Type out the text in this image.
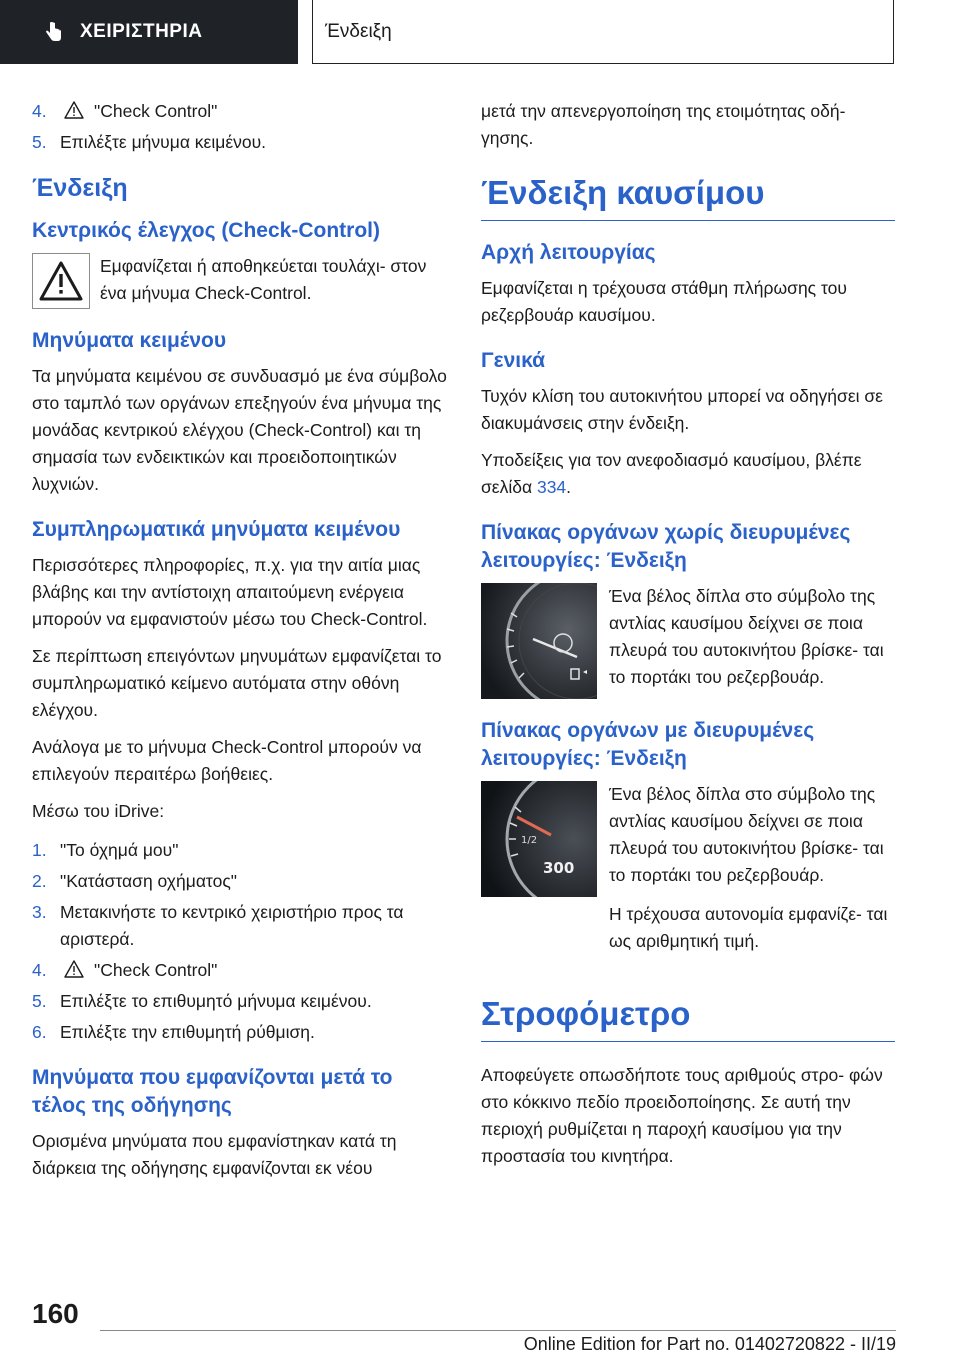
ΧΕΙΡΙΣΤΗΡΙΑ	Ένδειξη
4.	"Check Control"
5. Επιλέξτε μήνυμα κειμένου.
Ένδειξη
Κεντρικός έλεγχος (Check-Control)
Εμφανίζεται ή αποθηκεύεται τουλάχι- στον ένα μήνυμα Check-Control.
Μηνύματα κειμένου

Τα μηνύματα κειμένου σε συνδυασμό με ένα σύμβολο στο ταμπλό των οργάνων επεξηγούν ένα μήνυμα της μονάδας κεντρικού ελέγχου (Check-Control) και τη σημασία των ενδεικτικών και προειδοποιητικών λυχνιών.

Συμπληρωματικά μηνύματα κειμένου

Περισσότερες πληροφορίες, π.χ. για την αιτία μιας βλάβης και την αντίστοιχη απαιτούμενη ενέργεια μπορούν να εμφανιστούν μέσω του Check-Control.

Σε περίπτωση επειγόντων μηνυμάτων εμφανίζεται το συμπληρωματικό κείμενο αυτόματα στην οθόνη ελέγχου.

Ανάλογα με το μήνυμα Check-Control μπορούν να επιλεγούν περαιτέρω βοήθειες.

Μέσω του iDrive:

1. "Το όχημά μου"
2. "Κατάσταση οχήματος"
3. Μετακινήστε το κεντρικό χειριστήριο προς τα αριστερά.
4.	"Check Control"
5. Επιλέξτε το επιθυμητό μήνυμα κειμένου.
6. Επιλέξτε την επιθυμητή ρύθμιση.
Μηνύματα που εμφανίζονται μετά το τέλος της οδήγησης

Ορισμένα μηνύματα που εμφανίστηκαν κατά τη διάρκεια της οδήγησης εμφανίζονται εκ νέου

μετά την απενεργοποίηση της ετοιμότητας οδή- γησης.

Ένδειξη καυσίμου
Αρχή λειτουργίας

Εμφανίζεται η τρέχουσα στάθμη πλήρωσης του ρεζερβουάρ καυσίμου.

Γενικά

Τυχόν κλίση του αυτοκινήτου μπορεί να οδηγήσει σε διακυμάνσεις στην ένδειξη.

Υποδείξεις για τον ανεφοδιασμό καυσίμου, βλέπε σελίδα 334.

Πίνακας οργάνων χωρίς διευρυμένες λειτουργίες: Ένδειξη
Ένα βέλος δίπλα στο σύμβολο της αντλίας καυσίμου δείχνει σε ποια πλευρά του αυτοκινήτου βρίσκε- ται το πορτάκι του ρεζερβουάρ.
Πίνακας οργάνων με διευρυμένες λειτουργίες: Ένδειξη
1/2
300
Ένα βέλος δίπλα στο σύμβολο της αντλίας καυσίμου δείχνει σε ποια πλευρά του αυτοκινήτου βρίσκε- ται το πορτάκι του ρεζερβουάρ.

Η τρέχουσα αυτονομία εμφανίζε- ται ως αριθμητική τιμή.

Στροφόμετρο

Αποφεύγετε οπωσδήποτε τους αριθμούς στρο- φών στο κόκκινο πεδίο προειδοποίησης. Σε αυτή την περιοχή ρυθμίζεται η παροχή καυσίμου για την προστασία του κινητήρα.

160
Online Edition for Part no. 01402720822 - II/19
